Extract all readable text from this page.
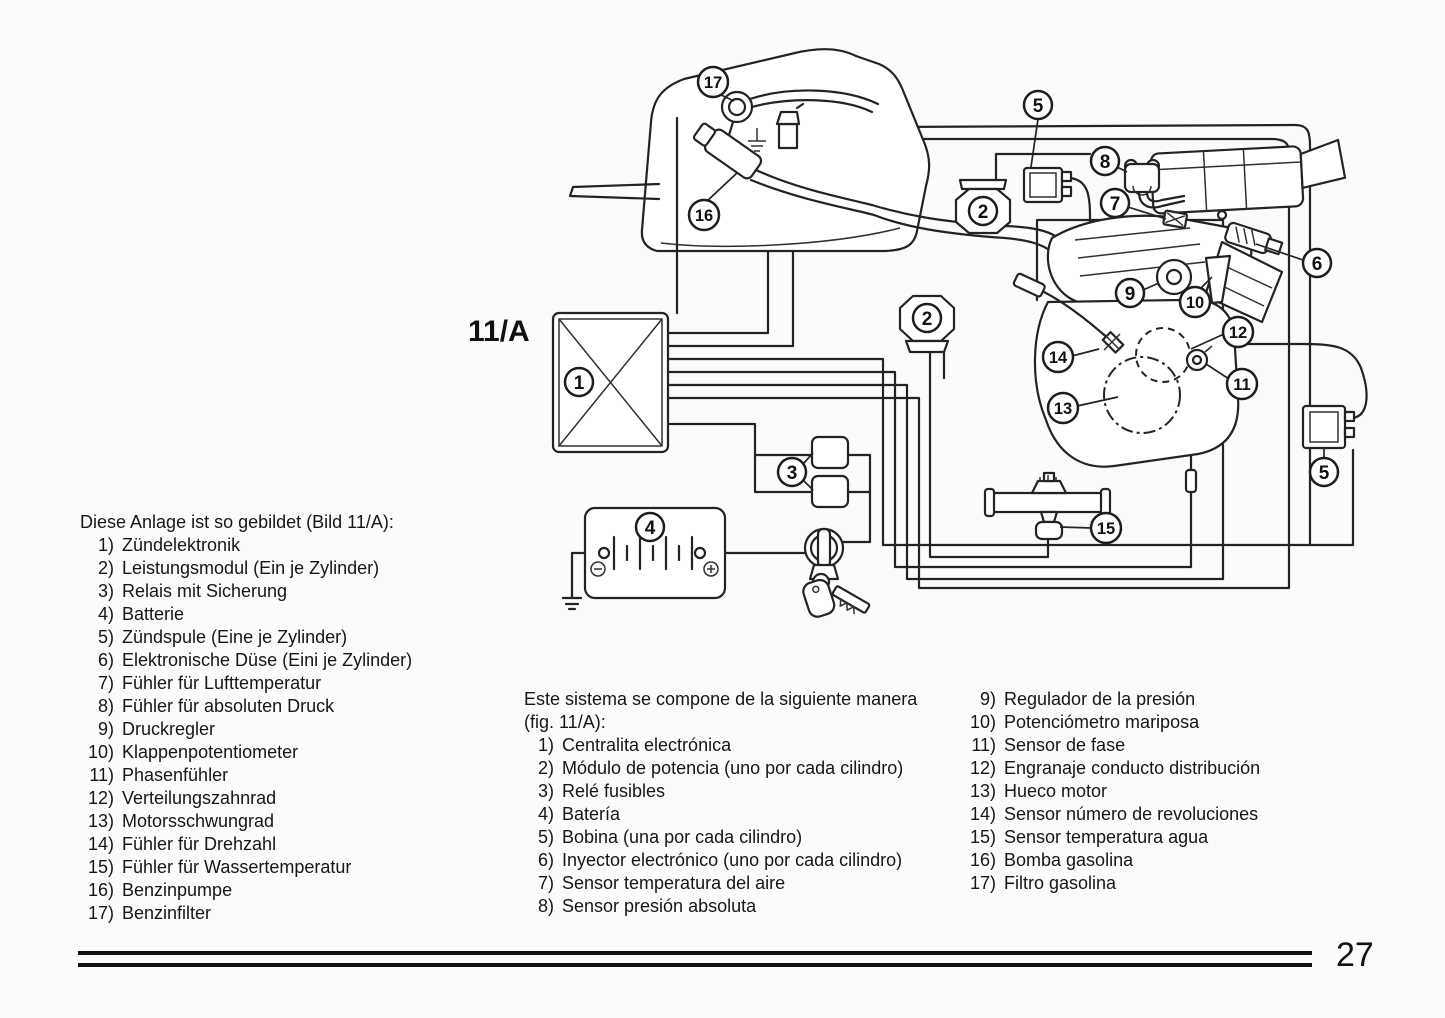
17
16
1
2
2
3
4
5
5
6
7
8
9	10
11
12
13
14
15
11/A
Diese Anlage ist so gebildet (Bild 11/A):
1) Zündelektronik
2) Leistungsmodul (Ein je Zylinder)
3) Relais mit Sicherung
4) Batterie
5) Zündspule (Eine je Zylinder)
6) Elektronische Düse (Eini je Zylinder)
7) Fühler für Lufttemperatur
8) Fühler für absoluten Druck
9) Druckregler
10) Klappenpotentiometer
11) Phasenfühler
12) Verteilungszahnrad
13) Motorsschwungrad
14) Fühler für Drehzahl
15) Fühler für Wassertemperatur
16) Benzinpumpe
17) Benzinfilter
Este sistema se compone de la siguiente manera
(fig. 11/A):
1) Centralita electrónica
2) Módulo de potencia (uno por cada cilindro)
3) Relé fusibles
4) Batería
5) Bobina (una por cada cilindro)
6) Inyector electrónico (uno por cada cilindro)
7) Sensor temperatura del aire
8) Sensor presión absoluta
9) Regulador de la presión
10) Potenciómetro mariposa
11) Sensor de fase
12) Engranaje conducto distribución
13) Hueco motor
14) Sensor número de revoluciones
15) Sensor temperatura agua
16) Bomba gasolina
17) Filtro gasolina
27
